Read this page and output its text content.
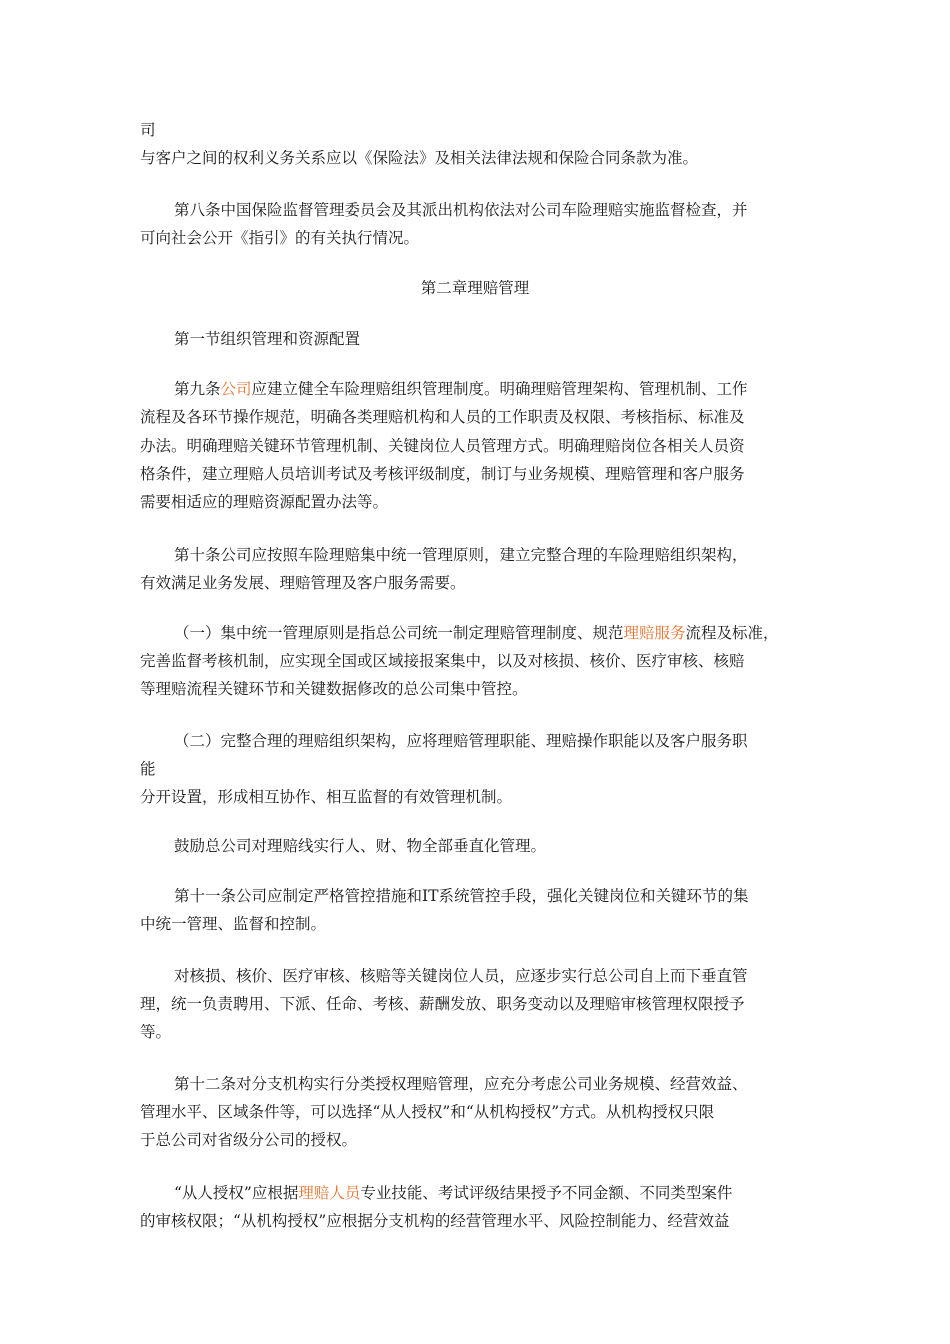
司
与客户之间的权利义务关系应以《保险法》及相关法律法规和保险合同条款为准。
第八条中国保险监督管理委员会及其派出机构依法对公司车险理赔实施监督检查，并
可向社会公开《指引》的有关执行情况。
第二章理赔管理
第一节组织管理和资源配置
第九条公司应建立健全车险理赔组织管理制度。明确理赔管理架构、管理机制、工作
流程及各环节操作规范，明确各类理赔机构和人员的工作职责及权限、考核指标、标准及
办法。明确理赔关键环节管理机制、关键岗位人员管理方式。明确理赔岗位各相关人员资
格条件，建立理赔人员培训考试及考核评级制度，制订与业务规模、理赔管理和客户服务
需要相适应的理赔资源配置办法等。
第十条公司应按照车险理赔集中统一管理原则，建立完整合理的车险理赔组织架构，
有效满足业务发展、理赔管理及客户服务需要。
（一）集中统一管理原则是指总公司统一制定理赔管理制度、规范理赔服务流程及标准，
完善监督考核机制，应实现全国或区域接报案集中，以及对核损、核价、医疗审核、核赔
等理赔流程关键环节和关键数据修改的总公司集中管控。
（二）完整合理的理赔组织架构，应将理赔管理职能、理赔操作职能以及客户服务职
能
分开设置，形成相互协作、相互监督的有效管理机制。
鼓励总公司对理赔线实行人、财、物全部垂直化管理。
第十一条公司应制定严格管控措施和IT系统管控手段，强化关键岗位和关键环节的集
中统一管理、监督和控制。
对核损、核价、医疗审核、核赔等关键岗位人员，应逐步实行总公司自上而下垂直管
理，统一负责聘用、下派、任命、考核、薪酬发放、职务变动以及理赔审核管理权限授予
等。
第十二条对分支机构实行分类授权理赔管理，应充分考虑公司业务规模、经营效益、
管理水平、区域条件等，可以选择“从人授权”和“从机构授权”方式。从机构授权只限
于总公司对省级分公司的授权。
“从人授权”应根据理赔人员专业技能、考试评级结果授予不同金额、不同类型案件
的审核权限；“从机构授权”应根据分支机构的经营管理水平、风险控制能力、经营效益
